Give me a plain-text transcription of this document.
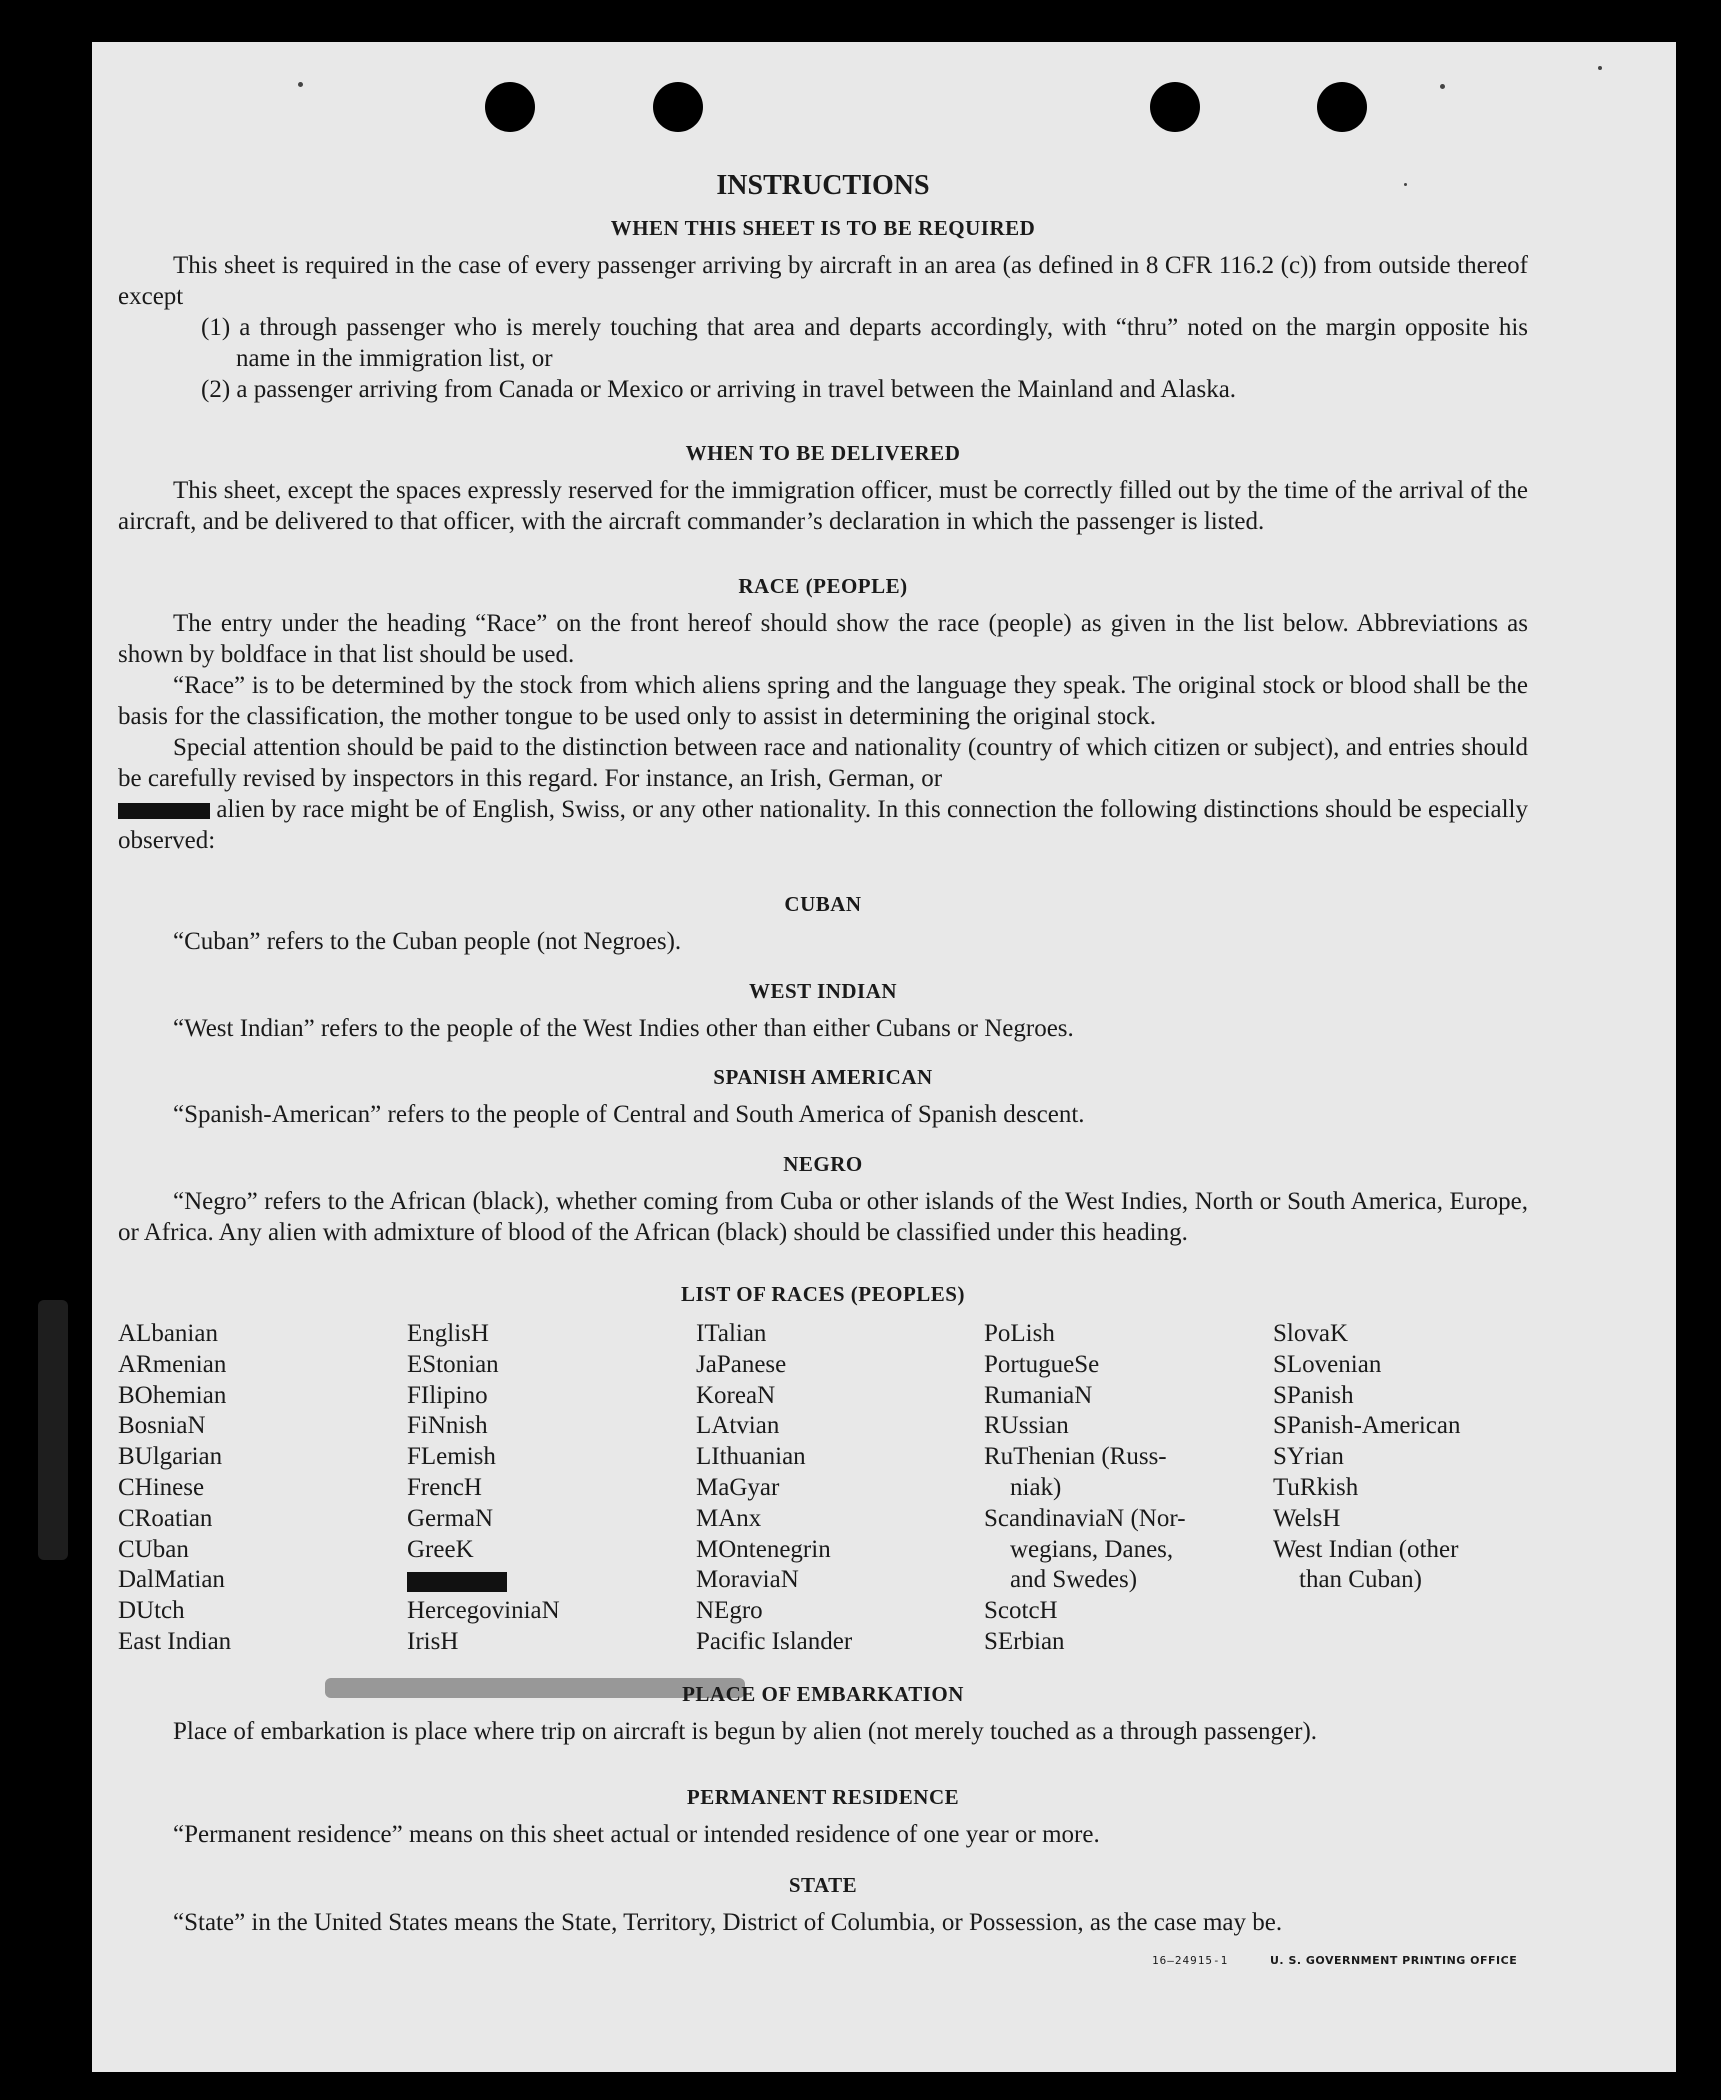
INSTRUCTIONS
WHEN THIS SHEET IS TO BE REQUIRED
This sheet is required in the case of every passenger arriving by aircraft in an area (as defined in 8 CFR 116.2 (c)) from outside thereof except
(1) a through passenger who is merely touching that area and departs accordingly, with “thru” noted on the margin opposite his name in the immigration list, or
(2) a passenger arriving from Canada or Mexico or arriving in travel between the Mainland and Alaska.
WHEN TO BE DELIVERED
This sheet, except the spaces expressly reserved for the immigration officer, must be correctly filled out by the time of the arrival of the aircraft, and be delivered to that officer, with the aircraft commander’s declaration in which the passenger is listed.
RACE (PEOPLE)
The entry under the heading “Race” on the front hereof should show the race (people) as given in the list below. Abbreviations as shown by boldface in that list should be used.
“Race” is to be determined by the stock from which aliens spring and the language they speak. The original stock or blood shall be the basis for the classification, the mother tongue to be used only to assist in determining the original stock.
Special attention should be paid to the distinction between race and nationality (country of which citizen or subject), and entries should be carefully revised by inspectors in this regard. For instance, an Irish, German, or
alien by race might be of English, Swiss, or any other nationality. In this connection the following distinctions should be especially observed:
CUBAN
“Cuban” refers to the Cuban people (not Negroes).
WEST INDIAN
“West Indian” refers to the people of the West Indies other than either Cubans or Negroes.
SPANISH AMERICAN
“Spanish-American” refers to the people of Central and South America of Spanish descent.
NEGRO
“Negro” refers to the African (black), whether coming from Cuba or other islands of the West Indies, North or South America, Europe, or Africa. Any alien with admixture of blood of the African (black) should be classified under this heading.
LIST OF RACES (PEOPLES)
ALbanian
ARmenian
BOhemian
BosniaN
BUlgarian
CHinese
CRoatian
CUban
DalMatian
DUtch
East Indian
EnglisH
EStonian
FIlipino
FiNnish
FLemish
FrencH
GermaN
GreeK
HercegoviniaN
IrisH
ITalian
JaPanese
KoreaN
LAtvian
LIthuanian
MaGyar
MAnx
MOntenegrin
MoraviaN
NEgro
Pacific Islander
PoLish
PortugueSe
RumaniaN
RUssian
RuThenian (Russ-
niak)
ScandinaviaN (Nor-
wegians, Danes,
and Swedes)
ScotcH
SErbian
SlovaK
SLovenian
SPanish
SPanish-American
SYrian
TuRkish
WelsH
West Indian (other
than Cuban)
PLACE OF EMBARKATION
Place of embarkation is place where trip on aircraft is begun by alien (not merely touched as a through passenger).
PERMANENT RESIDENCE
“Permanent residence” means on this sheet actual or intended residence of one year or more.
STATE
“State” in the United States means the State, Territory, District of Columbia, or Possession, as the case may be.
16—24915-1	U. S. GOVERNMENT PRINTING OFFICE
